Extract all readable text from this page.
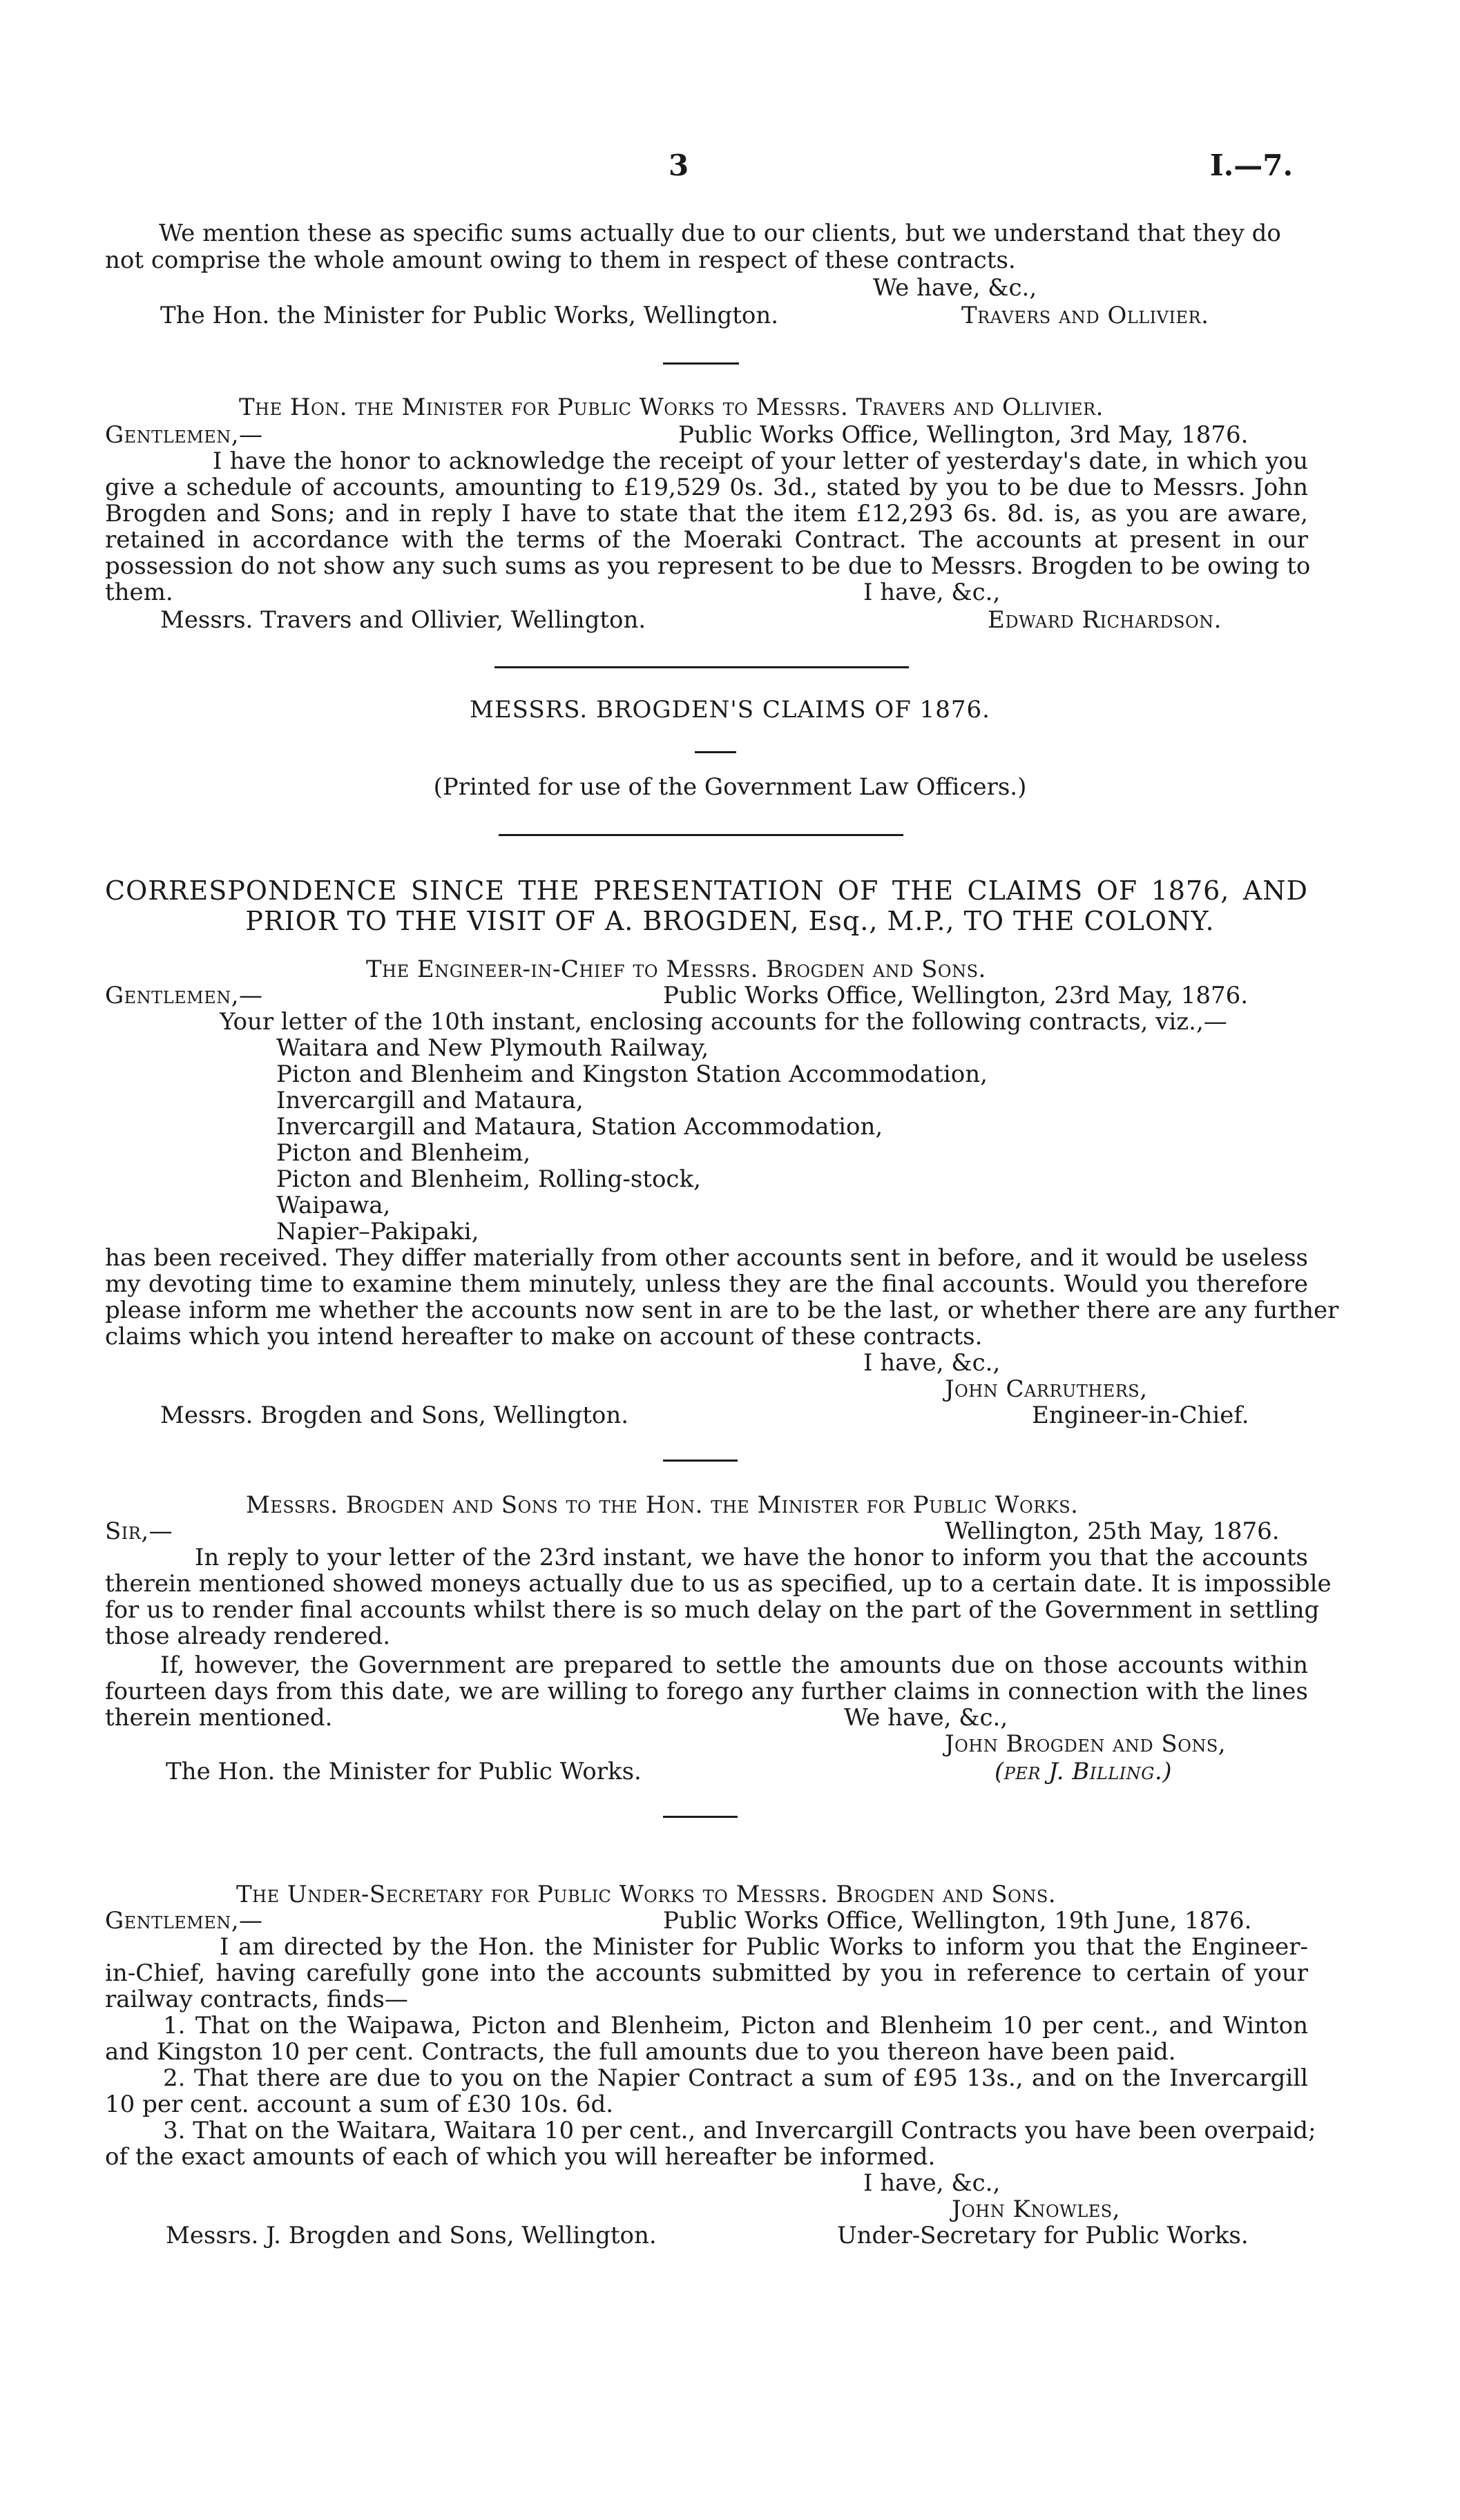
3	I.—7.
We mention these as specific sums actually due to our clients, but we understand that they do
not comprise the whole amount owing to them in respect of these contracts.
We have, &c.,
The Hon. the Minister for Public Works, Wellington.	Travers and Ollivier.
The Hon. the Minister for Public Works to Messrs. Travers and Ollivier.
Gentlemen,—	Public Works Office, Wellington, 3rd May, 1876.
I have the honor to acknowledge the receipt of your letter of yesterday's date, in which you
give a schedule of accounts, amounting to £19,529 0s. 3d., stated by you to be due to Messrs. John
Brogden and Sons; and in reply I have to state that the item £12,293 6s. 8d. is, as you are aware,
retained in accordance with the terms of the Moeraki Contract. The accounts at present in our
possession do not show any such sums as you represent to be due to Messrs. Brogden to be owing to
them.	I have, &c.,
Messrs. Travers and Ollivier, Wellington.	Edward Richardson.
MESSRS. BROGDEN'S CLAIMS OF 1876.
(Printed for use of the Government Law Officers.)
CORRESPONDENCE SINCE THE PRESENTATION OF THE CLAIMS OF 1876, AND
PRIOR TO THE VISIT OF A. BROGDEN, Esq., M.P., TO THE COLONY.
The Engineer-in-Chief to Messrs. Brogden and Sons.
Gentlemen,—	Public Works Office, Wellington, 23rd May, 1876.
Your letter of the 10th instant, enclosing accounts for the following contracts, viz.,—
Waitara and New Plymouth Railway,
Picton and Blenheim and Kingston Station Accommodation,
Invercargill and Mataura,
Invercargill and Mataura, Station Accommodation,
Picton and Blenheim,
Picton and Blenheim, Rolling-stock,
Waipawa,
Napier–Pakipaki,
has been received. They differ materially from other accounts sent in before, and it would be useless
my devoting time to examine them minutely, unless they are the final accounts. Would you therefore
please inform me whether the accounts now sent in are to be the last, or whether there are any further
claims which you intend hereafter to make on account of these contracts.
I have, &c.,
John Carruthers,
Messrs. Brogden and Sons, Wellington.	Engineer-in-Chief.
Messrs. Brogden and Sons to the Hon. the Minister for Public Works.
Sir,—	Wellington, 25th May, 1876.
In reply to your letter of the 23rd instant, we have the honor to inform you that the accounts
therein mentioned showed moneys actually due to us as specified, up to a certain date. It is impossible
for us to render final accounts whilst there is so much delay on the part of the Government in settling
those already rendered.
If, however, the Government are prepared to settle the amounts due on those accounts within
fourteen days from this date, we are willing to forego any further claims in connection with the lines
therein mentioned.	We have, &c.,
John Brogden and Sons,
The Hon. the Minister for Public Works.	(per J. Billing.)
The Under-Secretary for Public Works to Messrs. Brogden and Sons.
Gentlemen,—	Public Works Office, Wellington, 19th June, 1876.
I am directed by the Hon. the Minister for Public Works to inform you that the Engineer-
in-Chief, having carefully gone into the accounts submitted by you in reference to certain of your
railway contracts, finds—
1. That on the Waipawa, Picton and Blenheim, Picton and Blenheim 10 per cent., and Winton
and Kingston 10 per cent. Contracts, the full amounts due to you thereon have been paid.
2. That there are due to you on the Napier Contract a sum of £95 13s., and on the Invercargill
10 per cent. account a sum of £30 10s. 6d.
3. That on the Waitara, Waitara 10 per cent., and Invercargill Contracts you have been overpaid;
of the exact amounts of each of which you will hereafter be informed.
I have, &c.,
John Knowles,
Messrs. J. Brogden and Sons, Wellington.	Under-Secretary for Public Works.
